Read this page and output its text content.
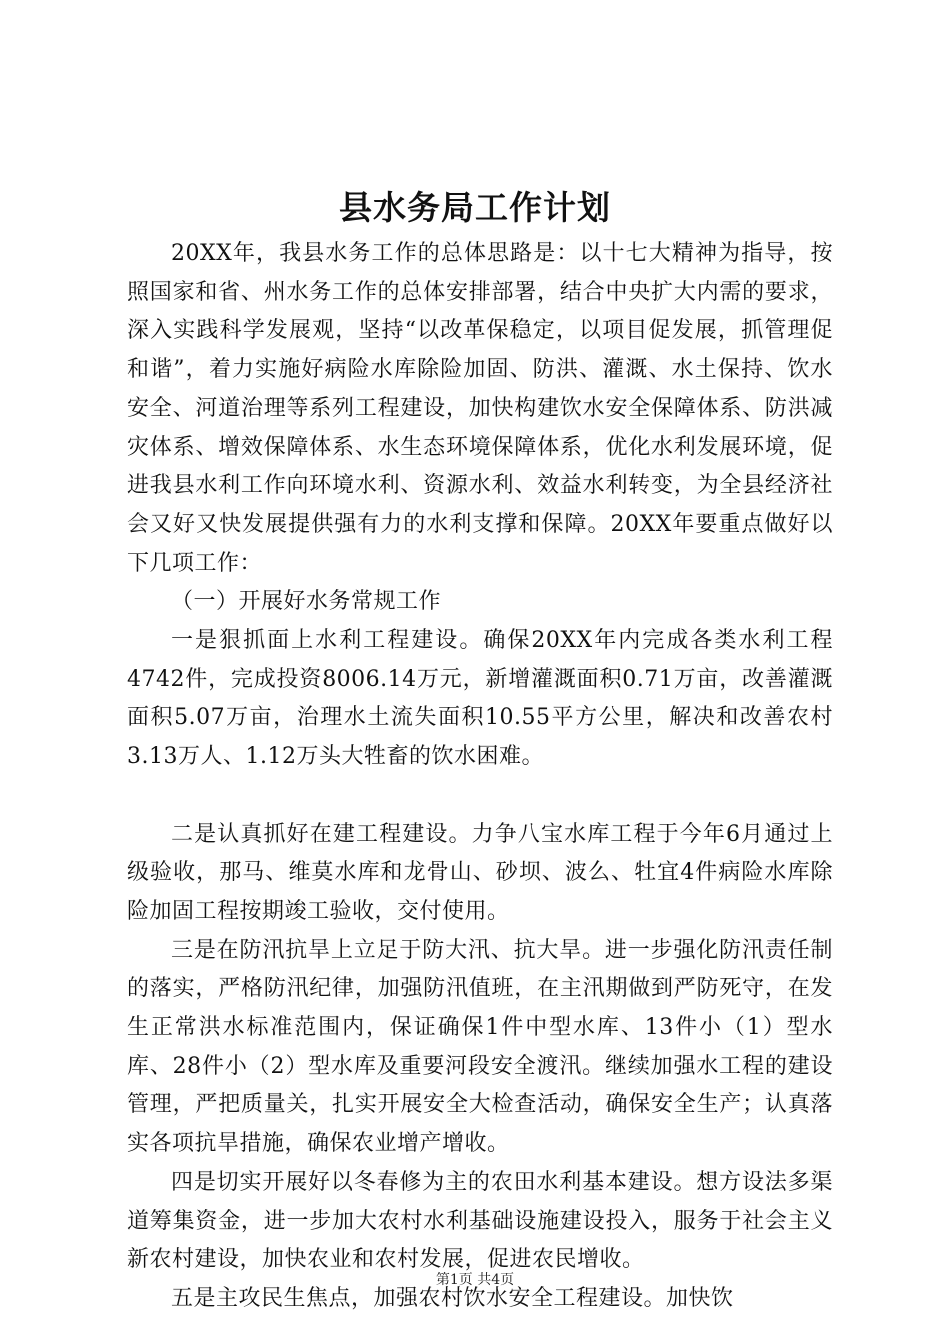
县水务局工作计划

20XX年，我县水务工作的总体思路是：以十七大精神为指导，按照国家和省、州水务工作的总体安排部署，结合中央扩大内需的要求，深入实践科学发展观，坚持“以改革保稳定，以项目促发展，抓管理促和谐”，着力实施好病险水库除险加固、防洪、灌溉、水土保持、饮水安全、河道治理等系列工程建设，加快构建饮水安全保障体系、防洪减灾体系、增效保障体系、水生态环境保障体系，优化水利发展环境，促进我县水利工作向环境水利、资源水利、效益水利转变，为全县经济社会又好又快发展提供强有力的水利支撑和保障。20XX年要重点做好以下几项工作：

（一）开展好水务常规工作

一是狠抓面上水利工程建设。确保20XX年内完成各类水利工程4742件，完成投资8006.14万元，新增灌溉面积0.71万亩，改善灌溉面积5.07万亩，治理水土流失面积10.55平方公里，解决和改善农村3.13万人、1.12万头大牲畜的饮水困难。

二是认真抓好在建工程建设。力争八宝水库工程于今年6月通过上级验收，那马、维莫水库和龙骨山、砂坝、波么、牡宜4件病险水库除险加固工程按期竣工验收，交付使用。

三是在防汛抗旱上立足于防大汛、抗大旱。进一步强化防汛责任制的落实，严格防汛纪律，加强防汛值班，在主汛期做到严防死守，在发生正常洪水标准范围内，保证确保1件中型水库、13件小（1）型水库、28件小（2）型水库及重要河段安全渡汛。继续加强水工程的建设管理，严把质量关，扎实开展安全大检查活动，确保安全生产；认真落实各项抗旱措施，确保农业增产增收。

四是切实开展好以冬春修为主的农田水利基本建设。想方设法多渠道筹集资金，进一步加大农村水利基础设施建设投入，服务于社会主义新农村建设，加快农业和农村发展，促进农民增收。

五是主攻民生焦点，加强农村饮水安全工程建设。加快饮

第1页 共4页
